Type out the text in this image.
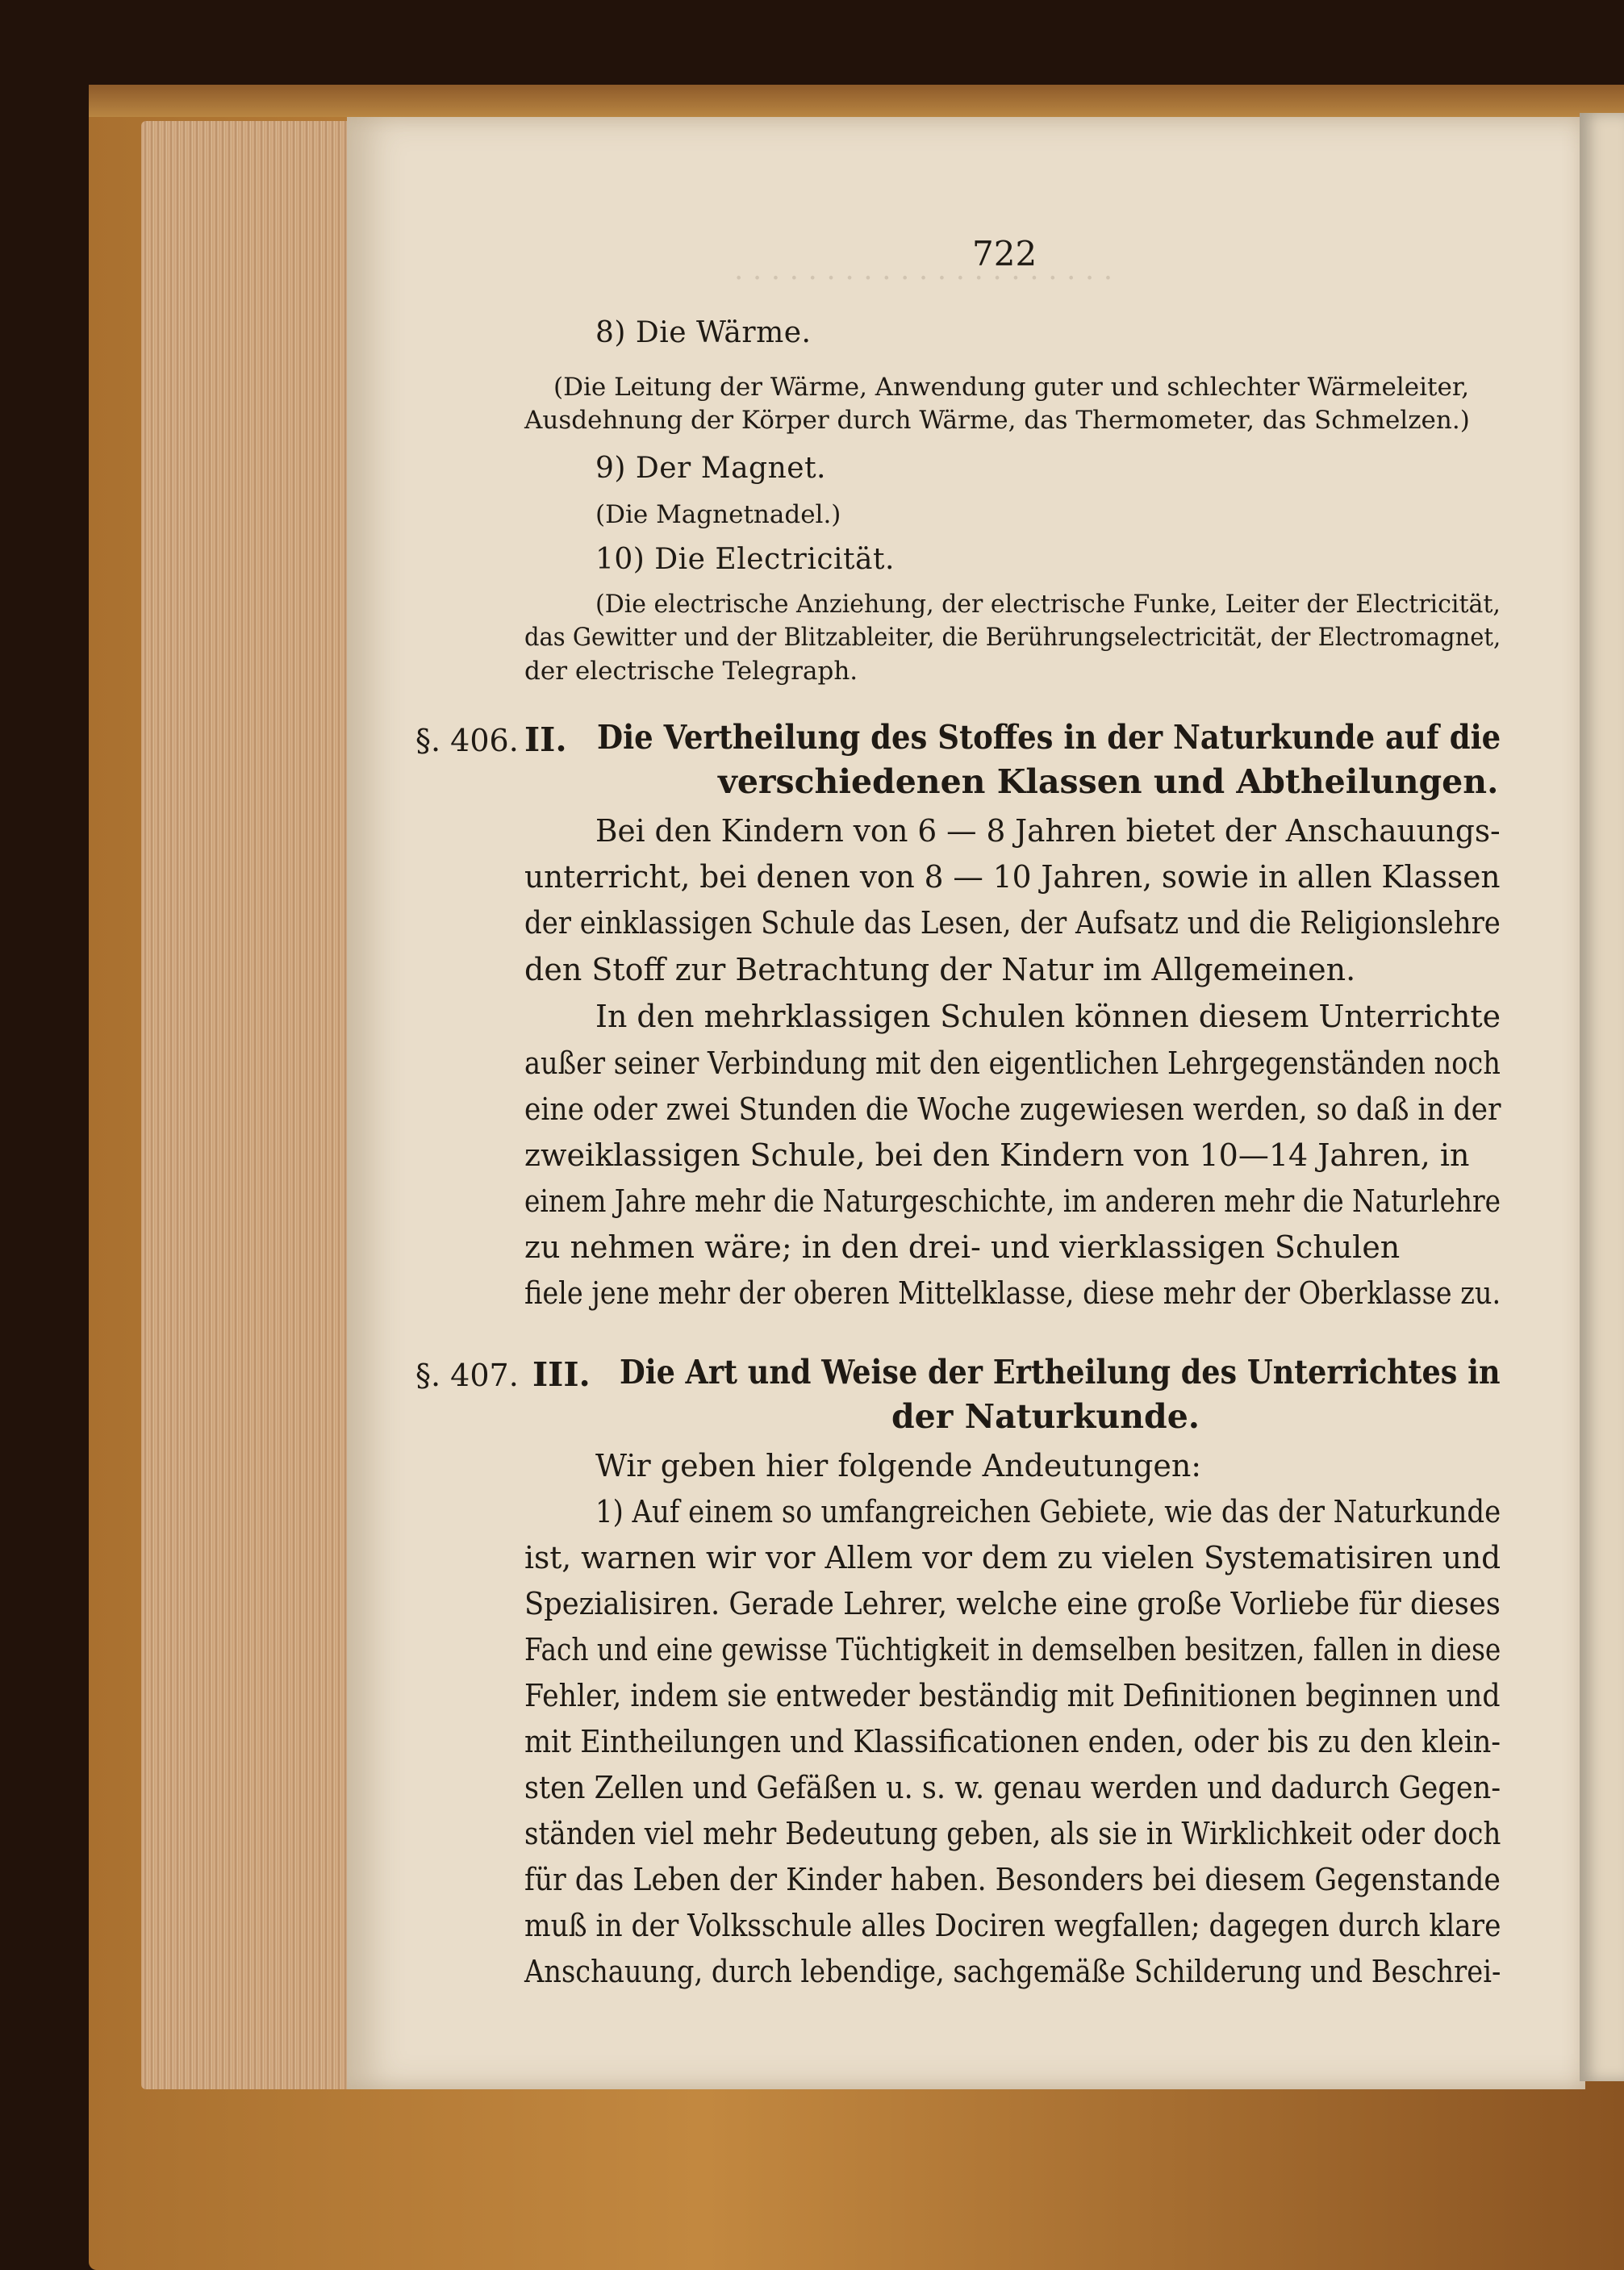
· · · · · · · · · · · · · · · · · · · · ·
722
8) Die Wärme.
(Die Leitung der Wärme, Anwendung guter und schlechter Wärmeleiter,
Ausdehnung der Körper durch Wärme, das Thermometer, das Schmelzen.)
9) Der Magnet.
(Die Magnetnadel.)
10) Die Electricität.
(Die electrische Anziehung, der electrische Funke, Leiter der Electricität,
das Gewitter und der Blitzableiter, die Berührungselectricität, der Electromagnet,
der electrische Telegraph.
§. 406. II. Die Vertheilung des Stoffes in der Naturkunde auf die
verschiedenen Klassen und Abtheilungen.
Bei den Kindern von 6 — 8 Jahren bietet der Anschauungs-
unterricht, bei denen von 8 — 10 Jahren, sowie in allen Klassen
der einklassigen Schule das Lesen, der Aufsatz und die Religionslehre
den Stoff zur Betrachtung der Natur im Allgemeinen.
In den mehrklassigen Schulen können diesem Unterrichte
außer seiner Verbindung mit den eigentlichen Lehrgegenständen noch
eine oder zwei Stunden die Woche zugewiesen werden, so daß in der
zweiklassigen Schule, bei den Kindern von 10—14 Jahren, in
einem Jahre mehr die Naturgeschichte, im anderen mehr die Naturlehre
zu nehmen wäre; in den drei- und vierklassigen Schulen
fiele jene mehr der oberen Mittelklasse, diese mehr der Oberklasse zu.
§. 407. III. Die Art und Weise der Ertheilung des Unterrichtes in
der Naturkunde.
Wir geben hier folgende Andeutungen:
1) Auf einem so umfangreichen Gebiete, wie das der Naturkunde
ist, warnen wir vor Allem vor dem zu vielen Systematisiren und
Spezialisiren. Gerade Lehrer, welche eine große Vorliebe für dieses
Fach und eine gewisse Tüchtigkeit in demselben besitzen, fallen in diese
Fehler, indem sie entweder beständig mit Definitionen beginnen und
mit Eintheilungen und Klassificationen enden, oder bis zu den klein-
sten Zellen und Gefäßen u. s. w. genau werden und dadurch Gegen-
ständen viel mehr Bedeutung geben, als sie in Wirklichkeit oder doch
für das Leben der Kinder haben. Besonders bei diesem Gegenstande
muß in der Volksschule alles Dociren wegfallen; dagegen durch klare
Anschauung, durch lebendige, sachgemäße Schilderung und Beschrei-
